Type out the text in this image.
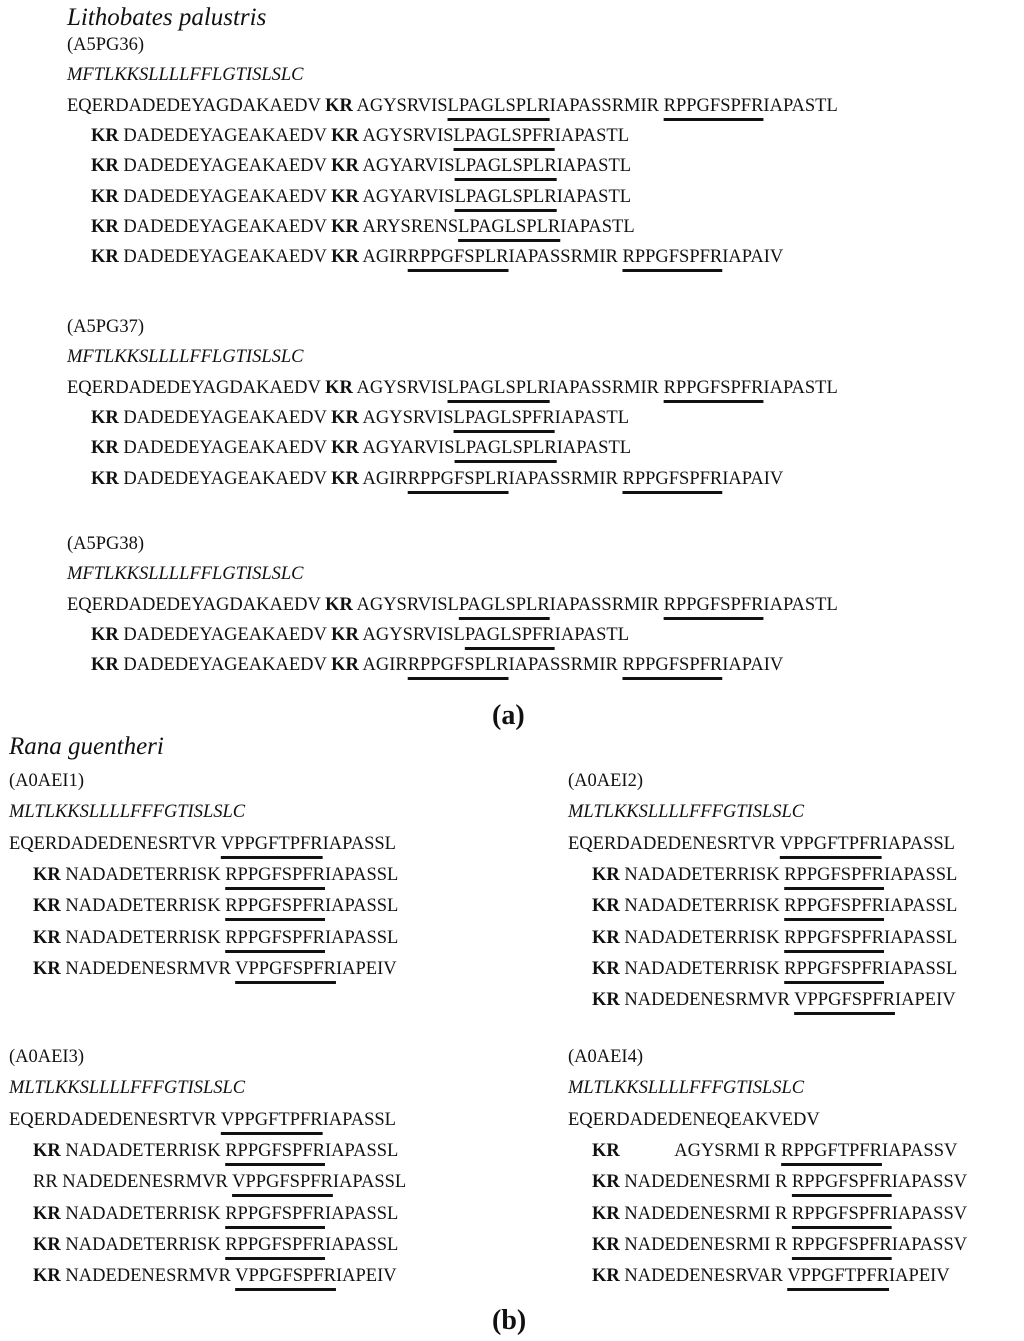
Lithobates palustris
(a)
Rana guentheri
(b)
(A5PG36)
MFTLKKSLLLLFFLGTISLSLC
EQERDADEDEYAGDAKAEDV KR AGYSRVISLPAGLSPLRIAPASSRMIR RPPGFSPFRIAPASTL
KR DADEDEYAGEAKAEDV KR AGYSRVISLPAGLSPFRIAPASTL
KR DADEDEYAGEAKAEDV KR AGYARVISLPAGLSPLRIAPASTL
KR DADEDEYAGEAKAEDV KR AGYARVISLPAGLSPLRIAPASTL
KR DADEDEYAGEAKAEDV KR ARYSRENSLPAGLSPLRIAPASTL
KR DADEDEYAGEAKAEDV KR AGIRRPPGFSPLRIAPASSRMIR RPPGFSPFRIAPAIV
(A5PG37)
MFTLKKSLLLLFFLGTISLSLC
EQERDADEDEYAGDAKAEDV KR AGYSRVISLPAGLSPLRIAPASSRMIR RPPGFSPFRIAPASTL
KR DADEDEYAGEAKAEDV KR AGYSRVISLPAGLSPFRIAPASTL
KR DADEDEYAGEAKAEDV KR AGYARVISLPAGLSPLRIAPASTL
KR DADEDEYAGEAKAEDV KR AGIRRPPGFSPLRIAPASSRMIR RPPGFSPFRIAPAIV
(A5PG38)
MFTLKKSLLLLFFLGTISLSLC
EQERDADEDEYAGDAKAEDV KR AGYSRVISLPAGLSPLRIAPASSRMIR RPPGFSPFRIAPASTL
KR DADEDEYAGEAKAEDV KR AGYSRVISLPAGLSPFRIAPASTL
KR DADEDEYAGEAKAEDV KR AGIRRPPGFSPLRIAPASSRMIR RPPGFSPFRIAPAIV
(A0AEI1)
MLTLKKSLLLLFFFGTISLSLC
EQERDADEDENESRTVR VPPGFTPFRIAPASSL
KR NADADETERRISK RPPGFSPFRIAPASSL
KR NADADETERRISK RPPGFSPFRIAPASSL
KR NADADETERRISK RPPGFSPFRIAPASSL
KR NADEDENESRMVR VPPGFSPFRIAPEIV
(A0AEI2)
MLTLKKSLLLLFFFGTISLSLC
EQERDADEDENESRTVR VPPGFTPFRIAPASSL
KR NADADETERRISK RPPGFSPFRIAPASSL
KR NADADETERRISK RPPGFSPFRIAPASSL
KR NADADETERRISK RPPGFSPFRIAPASSL
KR NADADETERRISK RPPGFSPFRIAPASSL
KR NADEDENESRMVR VPPGFSPFRIAPEIV
(A0AEI3)
MLTLKKSLLLLFFFGTISLSLC
EQERDADEDENESRTVR VPPGFTPFRIAPASSL
KR NADADETERRISK RPPGFSPFRIAPASSL
RR NADEDENESRMVR VPPGFSPFRIAPASSL
KR NADADETERRISK RPPGFSPFRIAPASSL
KR NADADETERRISK RPPGFSPFRIAPASSL
KR NADEDENESRMVR VPPGFSPFRIAPEIV
(A0AEI4)
MLTLKKSLLLLFFFGTISLSLC
EQERDADEDENEQEAKVEDV
KR            AGYSRMI R RPPGFTPFRIAPASSV
KR NADEDENESRMI R RPPGFSPFRIAPASSV
KR NADEDENESRMI R RPPGFSPFRIAPASSV
KR NADEDENESRMI R RPPGFSPFRIAPASSV
KR NADEDENESRVAR VPPGFTPFRIAPEIV
